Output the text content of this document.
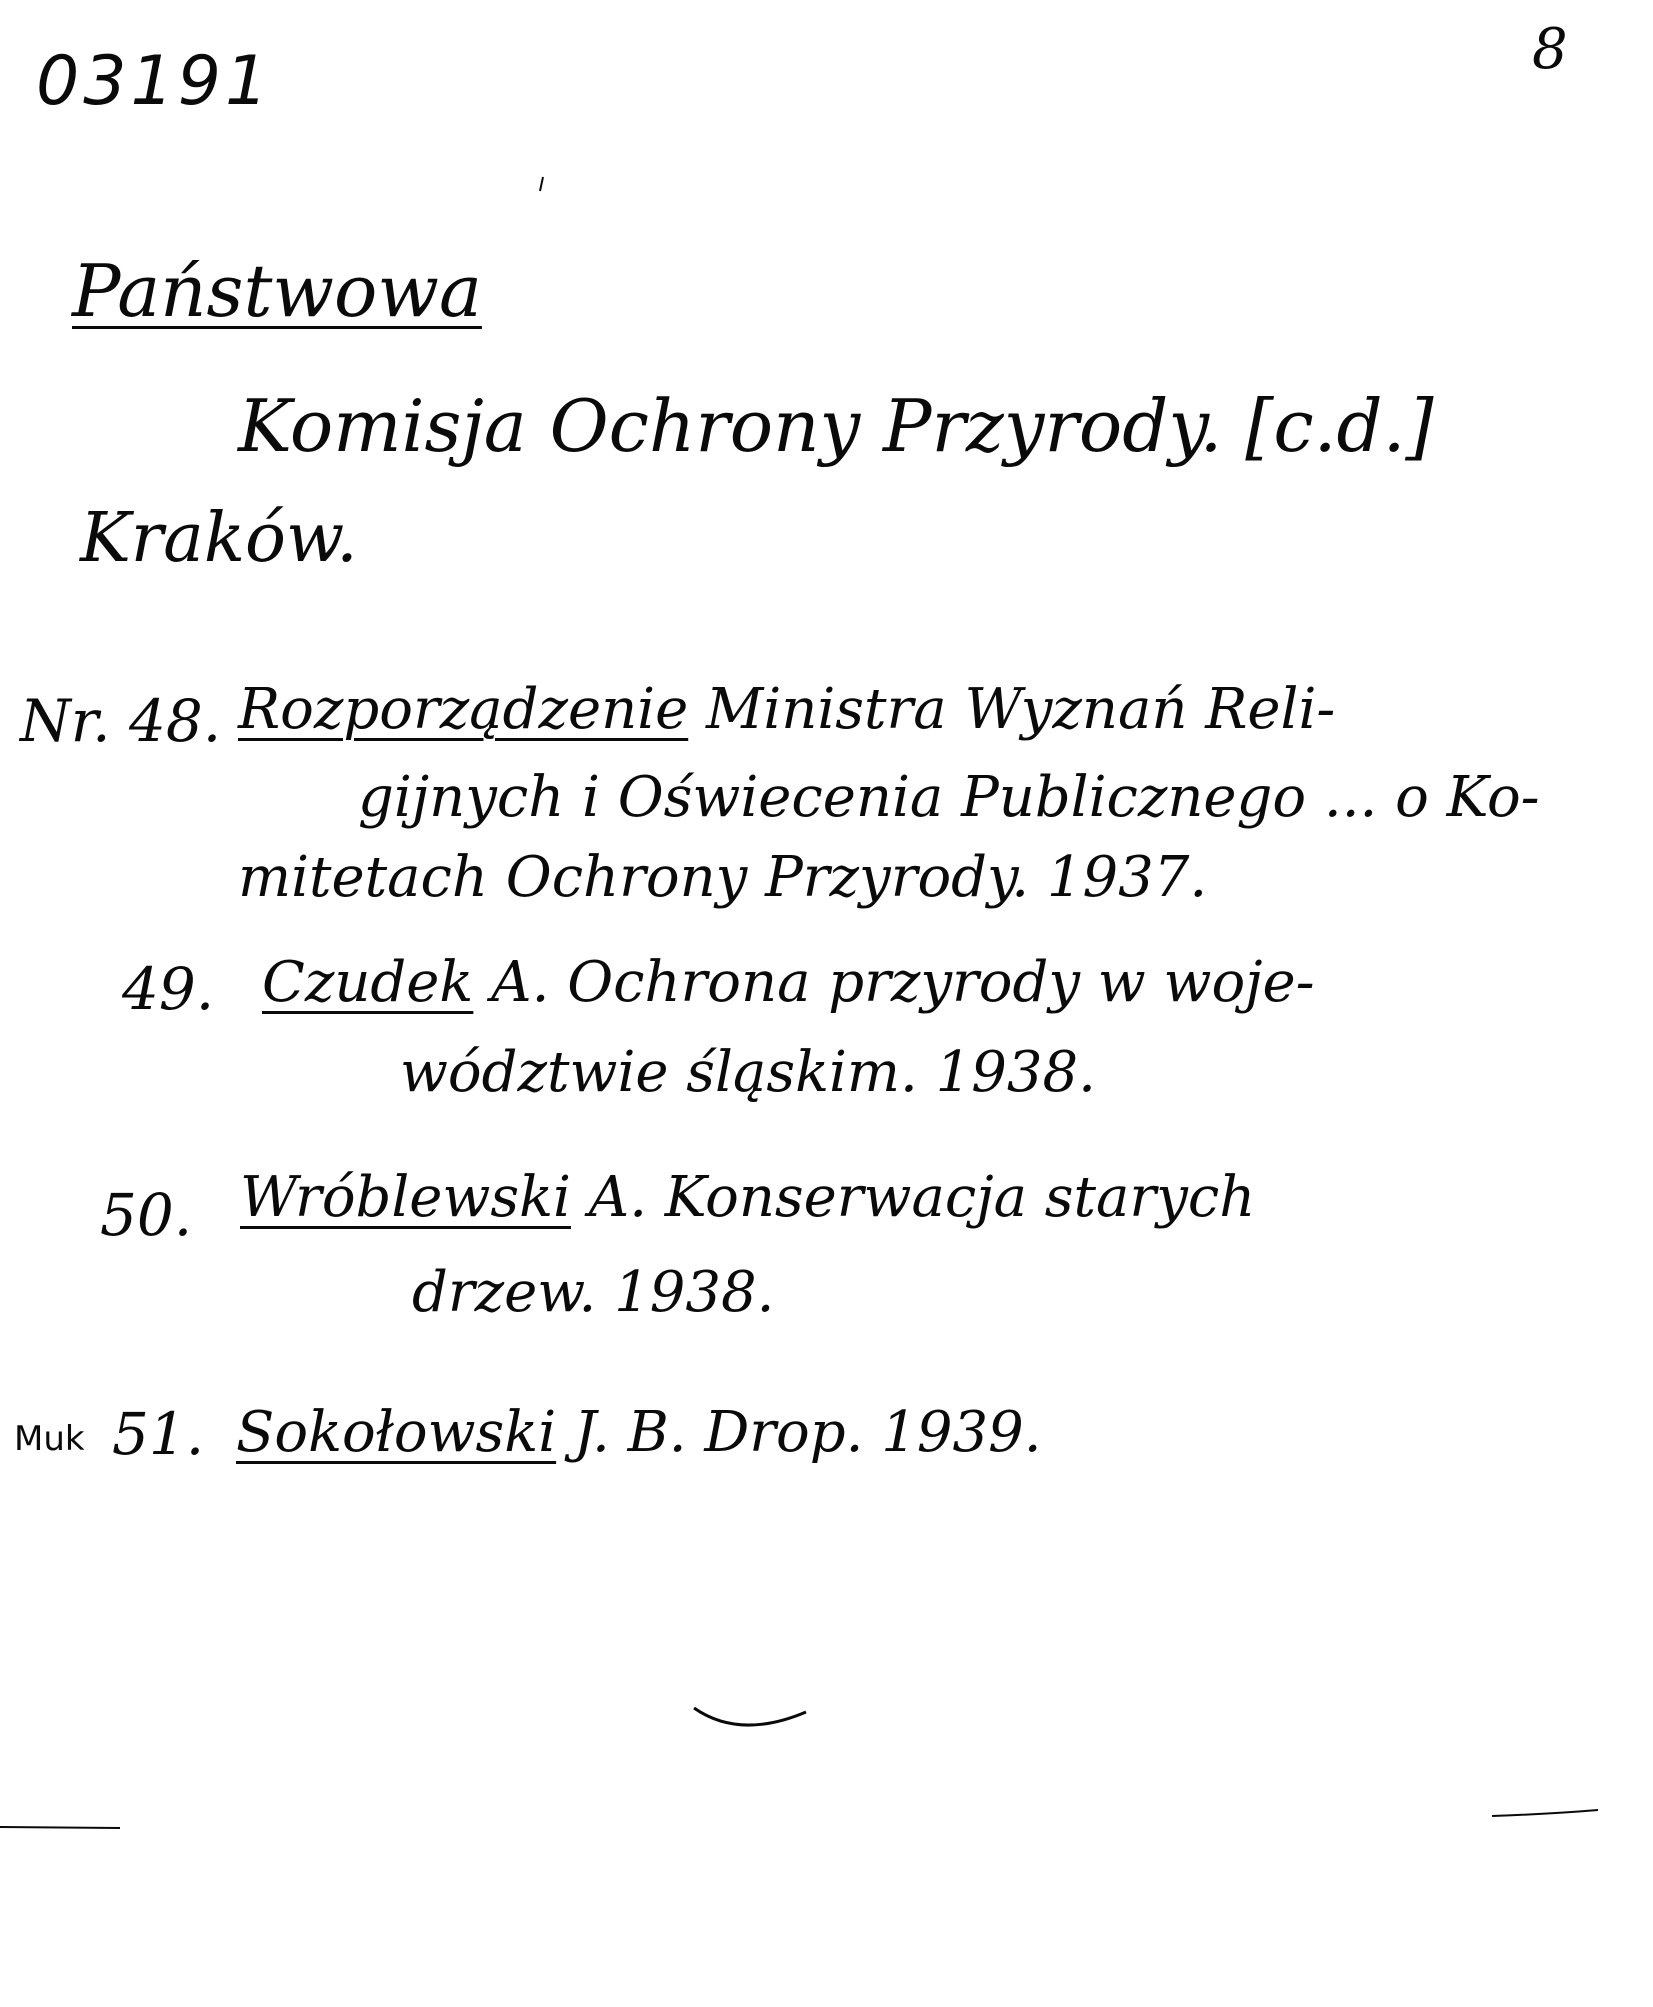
03191	8
Państwowa
Komisja Ochrony Przyrody. [c.d.]
Kraków.
Nr. 48. Rozporządzenie Ministra Wyznań Reli-
gijnych i Oświecenia Publicznego ... o Ko-
mitetach Ochrony Przyrody. 1937.
49. Czudek A. Ochrona przyrody w woje-
wództwie śląskim. 1938.
50. Wróblewski A. Konserwacja starych
drzew. 1938.
Muk 51. Sokołowski J. B. Drop. 1939.
